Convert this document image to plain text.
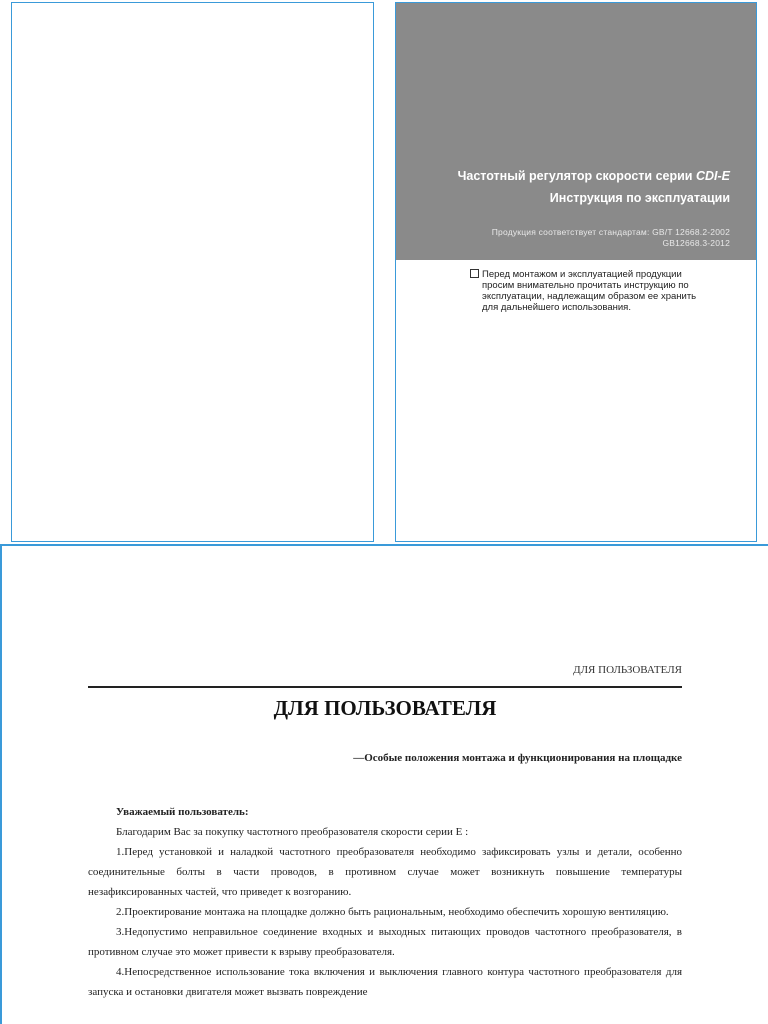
Частотный регулятор скорости серии CDI-E
Инструкция по эксплуатации
Продукция соответствует стандартам: GB/T 12668.2-2002
GB12668.3-2012
Перед монтажом и эксплуатацией продукции
просим внимательно прочитать инструкцию по
эксплуатации, надлежащим образом ее хранить
для дальнейшего использования.
ДЛЯ ПОЛЬЗОВАТЕЛЯ
ДЛЯ ПОЛЬЗОВАТЕЛЯ
—Особые положения монтажа и функционирования на площадке

Уважаемый пользователь:

Благодарим Вас за покупку частотного преобразователя скорости серии E :

1.Перед установкой и наладкой частотного преобразователя необходимо зафиксировать узлы и детали, особенно соединительные болты в части проводов, в противном случае может возникнуть повышение температуры незафиксированных частей, что приведет к возгоранию.

2.Проектирование монтажа на площадке должно быть рациональным, необходимо обеспечить хорошую вентиляцию.

3.Недопустимо неправильное соединение входных и выходных питающих проводов частотного преобразователя, в противном случае это может привести к взрыву преобразователя.

4.Непосредственное использование тока включения и выключения главного контура частотного преобразователя для запуска и остановки двигателя может вызвать повреждение
